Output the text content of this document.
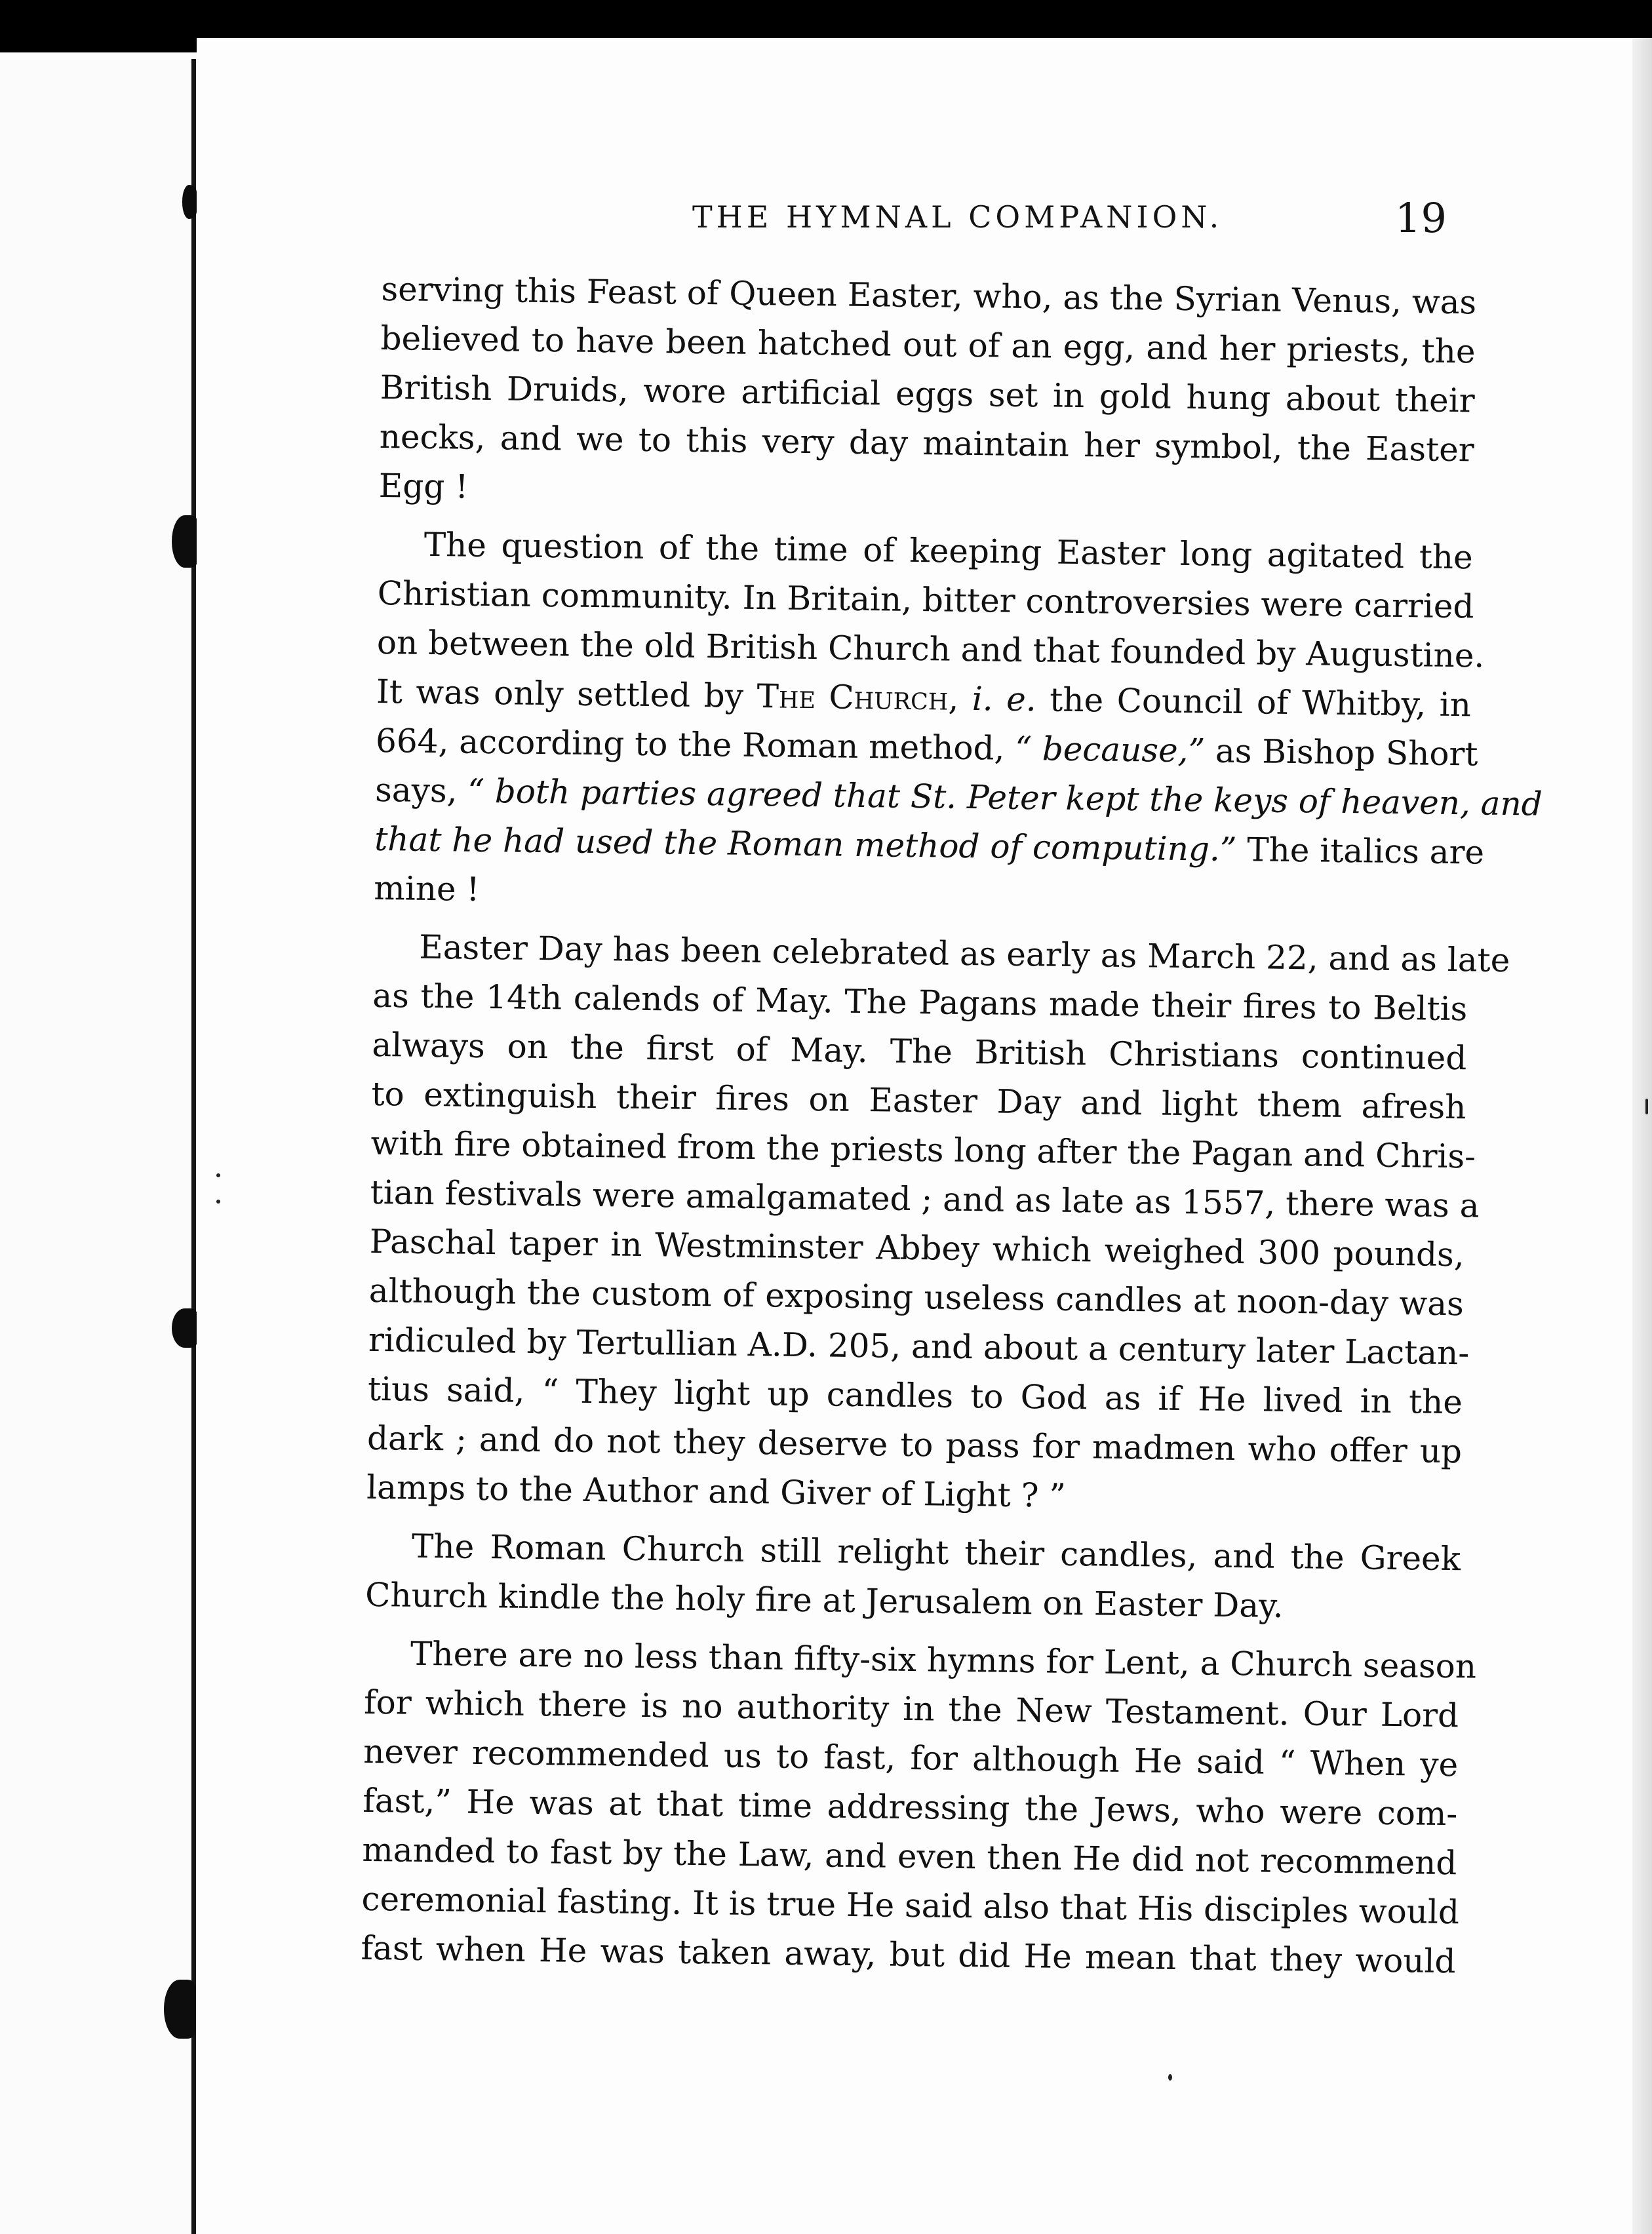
THE HYMNAL COMPANION.	19
serving this Feast of Queen Easter, who, as the Syrian Venus, was
believed to have been hatched out of an egg, and her priests, the
British Druids, wore artificial eggs set in gold hung about their
necks, and we to this very day maintain her symbol, the Easter
Egg !
The question of the time of keeping Easter long agitated the
Christian community. In Britain, bitter controversies were carried
on between the old British Church and that founded by Augustine.
It was only settled by The Church, i. e. the Council of Whitby, in
664, according to the Roman method, “ because,” as Bishop Short
says, “ both parties agreed that St. Peter kept the keys of heaven, and
that he had used the Roman method of computing.” The italics are
mine !
Easter Day has been celebrated as early as March 22, and as late
as the 14th calends of May. The Pagans made their fires to Beltis
always on the first of May. The British Christians continued
to extinguish their fires on Easter Day and light them afresh
with fire obtained from the priests long after the Pagan and Chris-
tian festivals were amalgamated ; and as late as 1557, there was a
Paschal taper in Westminster Abbey which weighed 300 pounds,
although the custom of exposing useless candles at noon-day was
ridiculed by Tertullian A.D. 205, and about a century later Lactan-
tius said, “ They light up candles to God as if He lived in the
dark ; and do not they deserve to pass for madmen who offer up
lamps to the Author and Giver of Light ? ”
The Roman Church still relight their candles, and the Greek
Church kindle the holy fire at Jerusalem on Easter Day.
There are no less than fifty-six hymns for Lent, a Church season
for which there is no authority in the New Testament. Our Lord
never recommended us to fast, for although He said “ When ye
fast,” He was at that time addressing the Jews, who were com-
manded to fast by the Law, and even then He did not recommend
ceremonial fasting. It is true He said also that His disciples would
fast when He was taken away, but did He mean that they would
